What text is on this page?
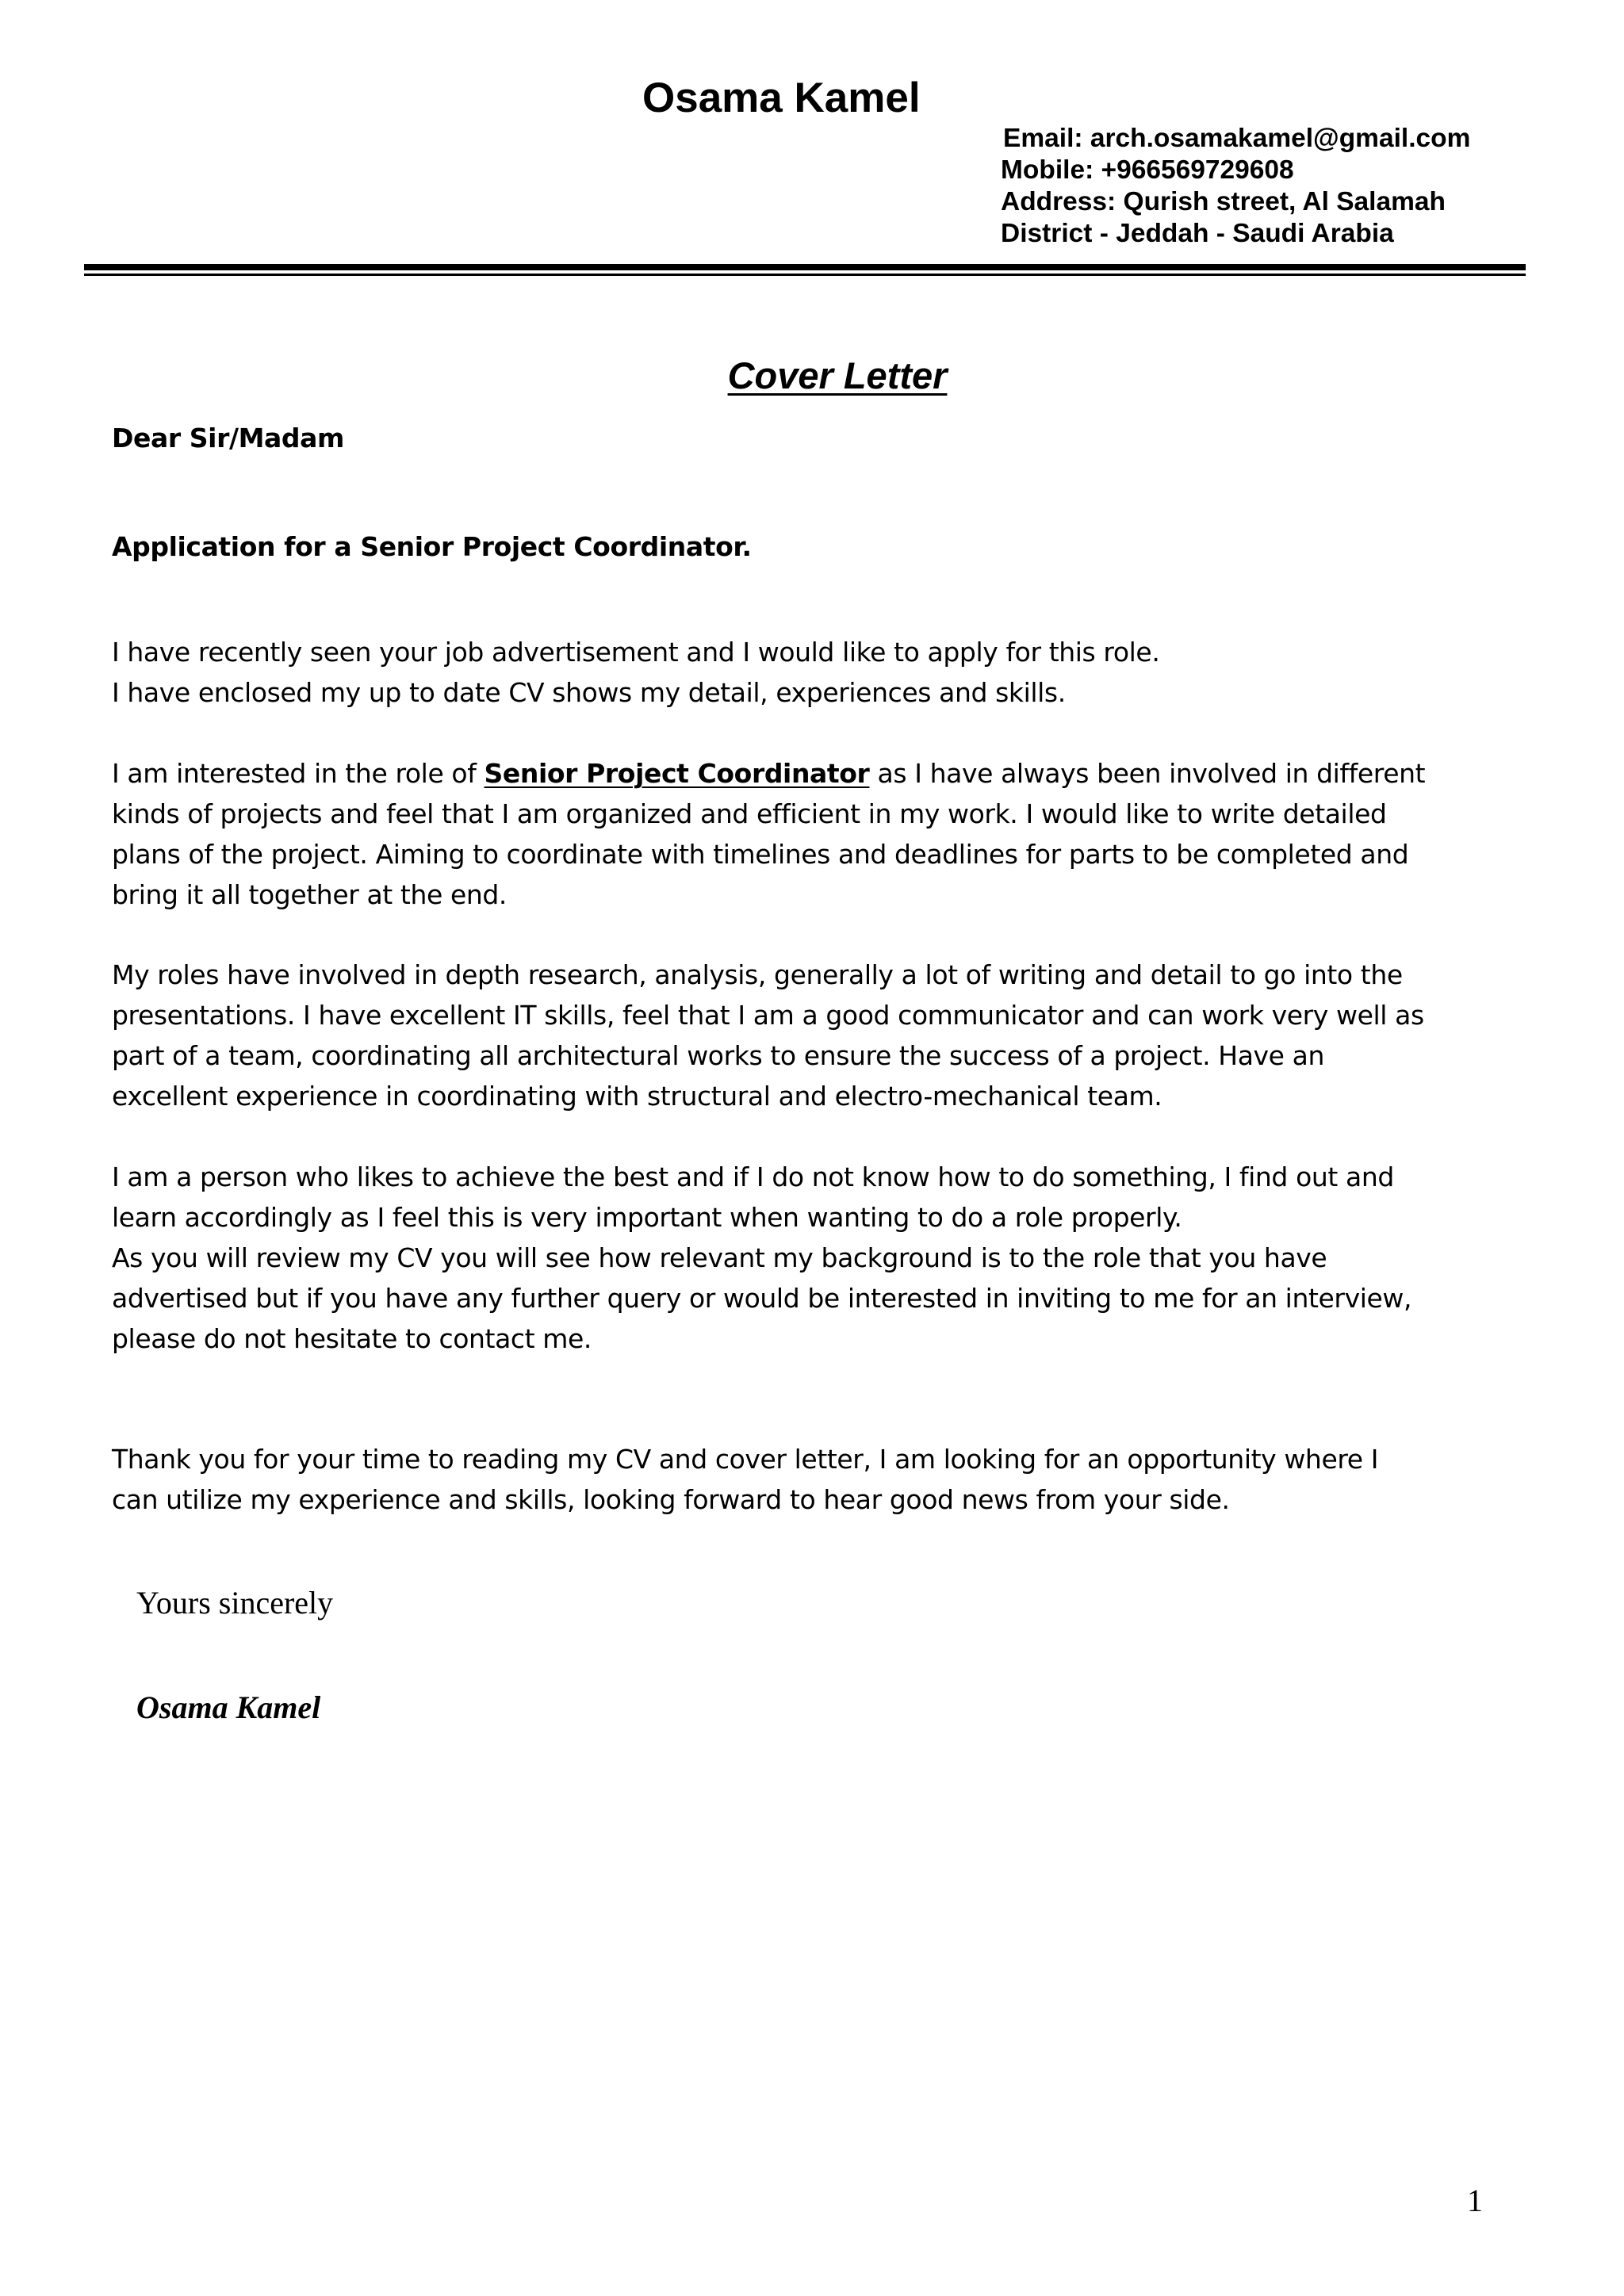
Osama Kamel
Email: arch.osamakamel@gmail.com
Mobile: +966569729608
Address: Qurish street, Al Salamah
District - Jeddah - Saudi Arabia
Cover Letter
Dear Sir/Madam
Application for a Senior Project Coordinator.

I have recently seen your job advertisement and I would like to apply for this role.

I have enclosed my up to date CV shows my detail, experiences and skills.

I am interested in the role of Senior Project Coordinator as I have always been involved in different

kinds of projects and feel that I am organized and efficient in my work. I would like to write detailed

plans of the project. Aiming to coordinate with timelines and deadlines for parts to be completed and

bring it all together at the end.

My roles have involved in depth research, analysis, generally a lot of writing and detail to go into the

presentations. I have excellent IT skills, feel that I am a good communicator and can work very well as

part of a team, coordinating all architectural works to ensure the success of a project. Have an

excellent experience in coordinating with structural and electro-mechanical team.

I am a person who likes to achieve the best and if I do not know how to do something, I find out and

learn accordingly as I feel this is very important when wanting to do a role properly.

As you will review my CV you will see how relevant my background is to the role that you have

advertised but if you have any further query or would be interested in inviting to me for an interview,

please do not hesitate to contact me.

Thank you for your time to reading my CV and cover letter, I am looking for an opportunity where I

can utilize my experience and skills, looking forward to hear good news from your side.

Yours sincerely
Osama Kamel
1
